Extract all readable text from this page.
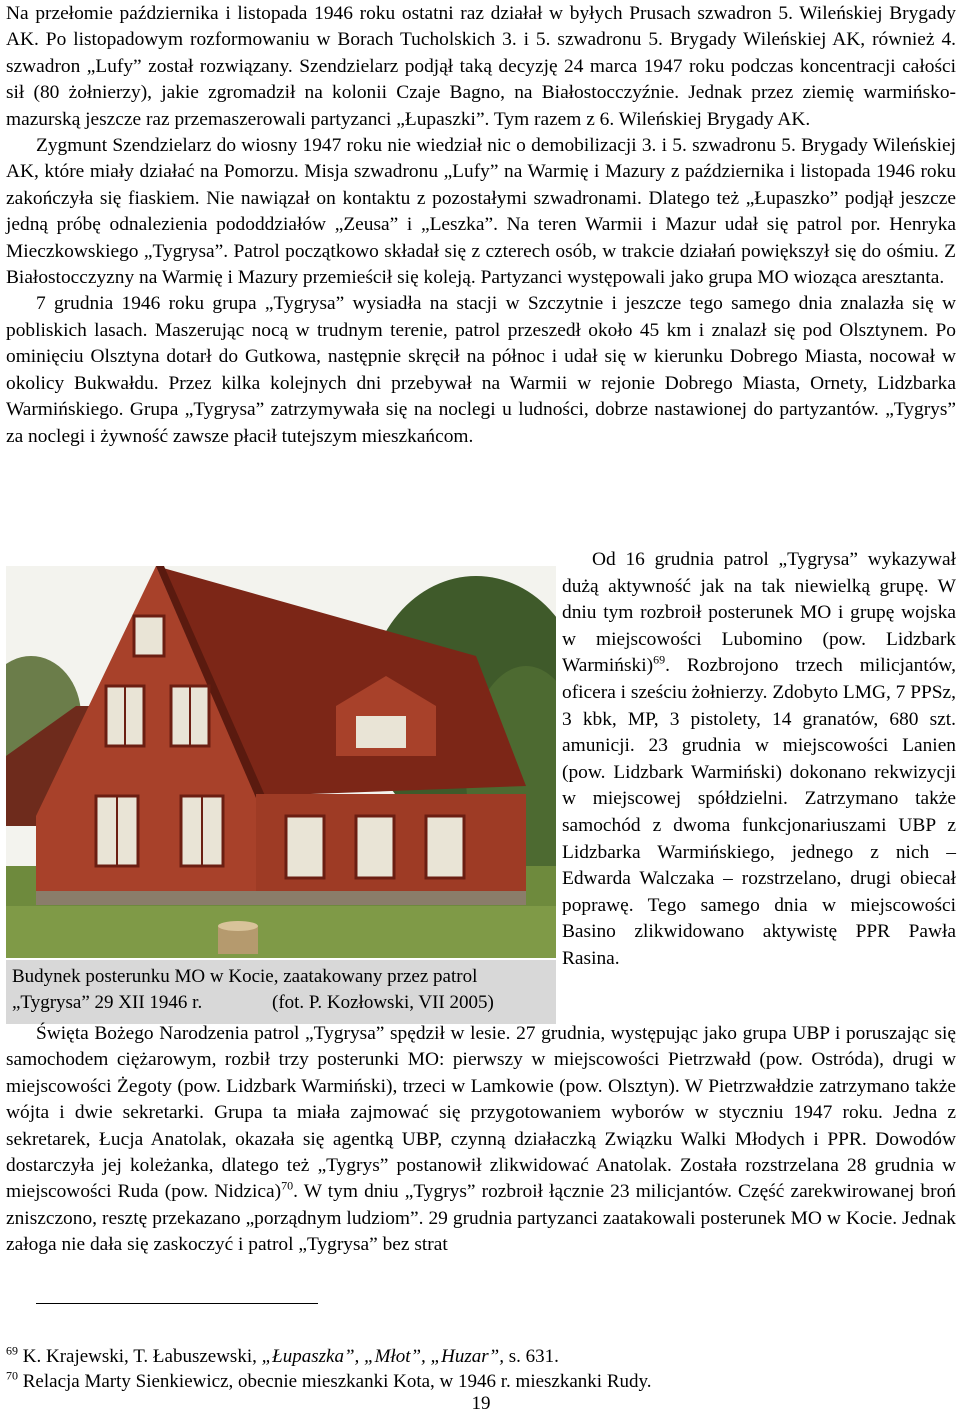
Na przełomie października i listopada 1946 roku ostatni raz działał w byłych Prusach szwadron 5. Wileńskiej Brygady AK. Po listopadowym rozformowaniu w Borach Tucholskich 3. i 5. szwadronu 5. Brygady Wileńskiej AK, również 4. szwadron „Lufy” został rozwiązany. Szendzielarz podjął taką decyzję 24 marca 1947 roku podczas koncentracji całości sił (80 żołnierzy), jakie zgromadził na kolonii Czaje Bagno, na Białostocczyźnie. Jednak przez ziemię warmińsko-mazurską jeszcze raz przemaszerowali partyzanci „Łupaszki”. Tym razem z 6. Wileńskiej Brygady AK.

Zygmunt Szendzielarz do wiosny 1947 roku nie wiedział nic o demobilizacji 3. i 5. szwadronu 5. Brygady Wileńskiej AK, które miały działać na Pomorzu. Misja szwadronu „Lufy” na Warmię i Mazury z października i listopada 1946 roku zakończyła się fiaskiem. Nie nawiązał on kontaktu z pozostałymi szwadronami. Dlatego też „Łupaszko” podjął jeszcze jedną próbę odnalezienia pododdziałów „Zeusa” i „Leszka”. Na teren Warmii i Mazur udał się patrol por. Henryka Mieczkowskiego „Tygrysa”. Patrol początkowo składał się z czterech osób, w trakcie działań powiększył się do ośmiu. Z Białostocczyzny na Warmię i Mazury przemieścił się koleją. Partyzanci występowali jako grupa MO wioząca aresztanta.

7 grudnia 1946 roku grupa „Tygrysa” wysiadła na stacji w Szczytnie i jeszcze tego samego dnia znalazła się w pobliskich lasach. Maszerując nocą w trudnym terenie, patrol przeszedł około 45 km i znalazł się pod Olsztynem. Po ominięciu Olsztyna dotarł do Gutkowa, następnie skręcił na północ i udał się w kierunku Dobrego Miasta, nocował w okolicy Bukwałdu. Przez kilka kolejnych dni przebywał na Warmii w rejonie Dobrego Miasta, Ornety, Lidzbarka Warmińskiego. Grupa „Tygrysa” zatrzymywała się na noclegi u ludności, dobrze nastawionej do partyzantów. „Tygrys” za noclegi i żywność zawsze płacił tutejszym mieszkańcom.

Budynek posterunku MO w Kocie, zaatakowany przez patrol
„Tygrysa” 29 XII 1946 r.	(fot. P. Kozłowski, VII 2005)

Od 16 grudnia patrol „Tygrysa” wykazywał dużą aktywność jak na tak niewielką grupę. W dniu tym rozbroił posterunek MO i grupę wojska w miejscowości Lubomino (pow. Lidzbark Warmiński)$^{69}$. Rozbrojono trzech milicjantów, oficera i sześciu żołnierzy. Zdobyto LMG, 7 PPSz, 3 kbk, MP, 3 pistolety, 14 granatów, 680 szt. amunicji. 23 grudnia w miejscowości Lanien (pow. Lidzbark Warmiński) dokonano rekwizycji w miejscowej spółdzielni. Zatrzymano także samochód z dwoma funkcjonariuszami UBP z Lidzbarka Warmińskiego, jednego z nich – Edwarda Walczaka – rozstrzelano, drugi obiecał poprawę. Tego samego dnia w miejscowości Basino zlikwidowano aktywistę PPR Pawła Rasina.

Święta Bożego Narodzenia patrol „Tygrysa” spędził w lesie. 27 grudnia, występując jako grupa UBP i poruszając się samochodem ciężarowym, rozbił trzy posterunki MO: pierwszy w miejscowości Pietrzwałd (pow. Ostróda), drugi w miejscowości Żegoty (pow. Lidzbark Warmiński), trzeci w Lamkowie (pow. Olsztyn). W Pietrzwałdzie zatrzymano także wójta i dwie sekretarki. Grupa ta miała zajmować się przygotowaniem wyborów w styczniu 1947 roku. Jedna z sekretarek, Łucja Anatolak, okazała się agentką UBP, czynną działaczką Związku Walki Młodych i PPR. Dowodów dostarczyła jej koleżanka, dlatego też „Tygrys” postanowił zlikwidować Anatolak. Została rozstrzelana 28 grudnia w miejscowości Ruda (pow. Nidzica)$^{70}$. W tym dniu „Tygrys” rozbroił łącznie 23 milicjantów. Część zarekwirowanej broń zniszczono, resztę przekazano „porządnym ludziom”. 29 grudnia partyzanci zaatakowali posterunek MO w Kocie. Jednak załoga nie dała się zaskoczyć i patrol „Tygrysa” bez strat

$^{69}$ K. Krajewski, T. Łabuszewski, „Łupaszka”, „Młot”, „Huzar”, s. 631.
$^{70}$ Relacja Marty Sienkiewicz, obecnie mieszkanki Kota, w 1946 r. mieszkanki Rudy.
19
